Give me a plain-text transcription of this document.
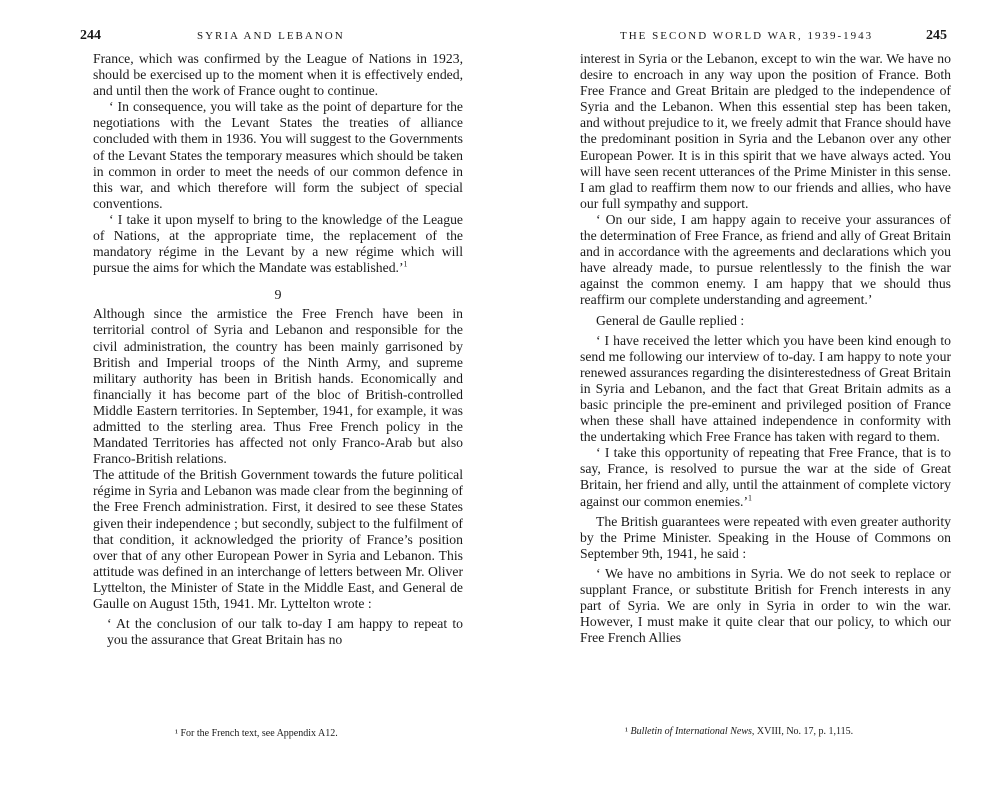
244	SYRIA AND LEBANON

France, which was confirmed by the League of Nations in 1923, should be exercised up to the moment when it is effectively ended, and until then the work of France ought to continue.

‘ In consequence, you will take as the point of departure for the negotiations with the Levant States the treaties of alliance concluded with them in 1936. You will suggest to the Governments of the Levant States the temporary measures which should be taken in common in order to meet the needs of our common defence in this war, and which therefore will form the subject of special conventions.

‘ I take it upon myself to bring to the knowledge of the League of Nations, at the appropriate time, the replacement of the mandatory régime in the Levant by a new régime which will pursue the aims for which the Mandate was established.’$^1$

9

Although since the armistice the Free French have been in territorial control of Syria and Lebanon and responsible for the civil administration, the country has been mainly garrisoned by British and Imperial troops of the Ninth Army, and supreme military authority has been in British hands. Economically and financially it has become part of the bloc of British-controlled Middle Eastern territories. In September, 1941, for example, it was admitted to the sterling area. Thus Free French policy in the Mandated Territories has affected not only Franco-Arab but also Franco-British relations.

The attitude of the British Government towards the future political régime in Syria and Lebanon was made clear from the beginning of the Free French administration. First, it desired to see these States given their independence ; but secondly, subject to the fulfilment of that condition, it acknowledged the priority of France’s position over that of any other European Power in Syria and Lebanon. This attitude was defined in an interchange of letters between Mr. Oliver Lyttelton, the Minister of State in the Middle East, and General de Gaulle on August 15th, 1941. Mr. Lyttelton wrote :

‘ At the conclusion of our talk to-day I am happy to repeat to you the assurance that Great Britain has no

¹ For the French text, see Appendix A12.
THE SECOND WORLD WAR, 1939-1943	245

interest in Syria or the Lebanon, except to win the war. We have no desire to encroach in any way upon the position of France. Both Free France and Great Britain are pledged to the independence of Syria and the Lebanon. When this essential step has been taken, and without prejudice to it, we freely admit that France should have the predominant position in Syria and the Lebanon over any other European Power. It is in this spirit that we have always acted. You will have seen recent utterances of the Prime Minister in this sense. I am glad to reaffirm them now to our friends and allies, who have our full sympathy and support.

‘ On our side, I am happy again to receive your assurances of the determination of Free France, as friend and ally of Great Britain and in accordance with the agreements and declarations which you have already made, to pursue relentlessly to the finish the war against the common enemy. I am happy that we should thus reaffirm our complete understanding and agreement.’

General de Gaulle replied :

‘ I have received the letter which you have been kind enough to send me following our interview of to-day. I am happy to note your renewed assurances regarding the disinterestedness of Great Britain in Syria and Lebanon, and the fact that Great Britain admits as a basic principle the pre-eminent and privileged position of France when these shall have attained independence in conformity with the undertaking which Free France has taken with regard to them.

‘ I take this opportunity of repeating that Free France, that is to say, France, is resolved to pursue the war at the side of Great Britain, her friend and ally, until the attainment of complete victory against our common enemies.’$^1$

The British guarantees were repeated with even greater authority by the Prime Minister. Speaking in the House of Commons on September 9th, 1941, he said :

‘ We have no ambitions in Syria. We do not seek to replace or supplant France, or substitute British for French interests in any part of Syria. We are only in Syria in order to win the war. However, I must make it quite clear that our policy, to which our Free French Allies

¹ Bulletin of International News, XVIII, No. 17, p. 1,115.
